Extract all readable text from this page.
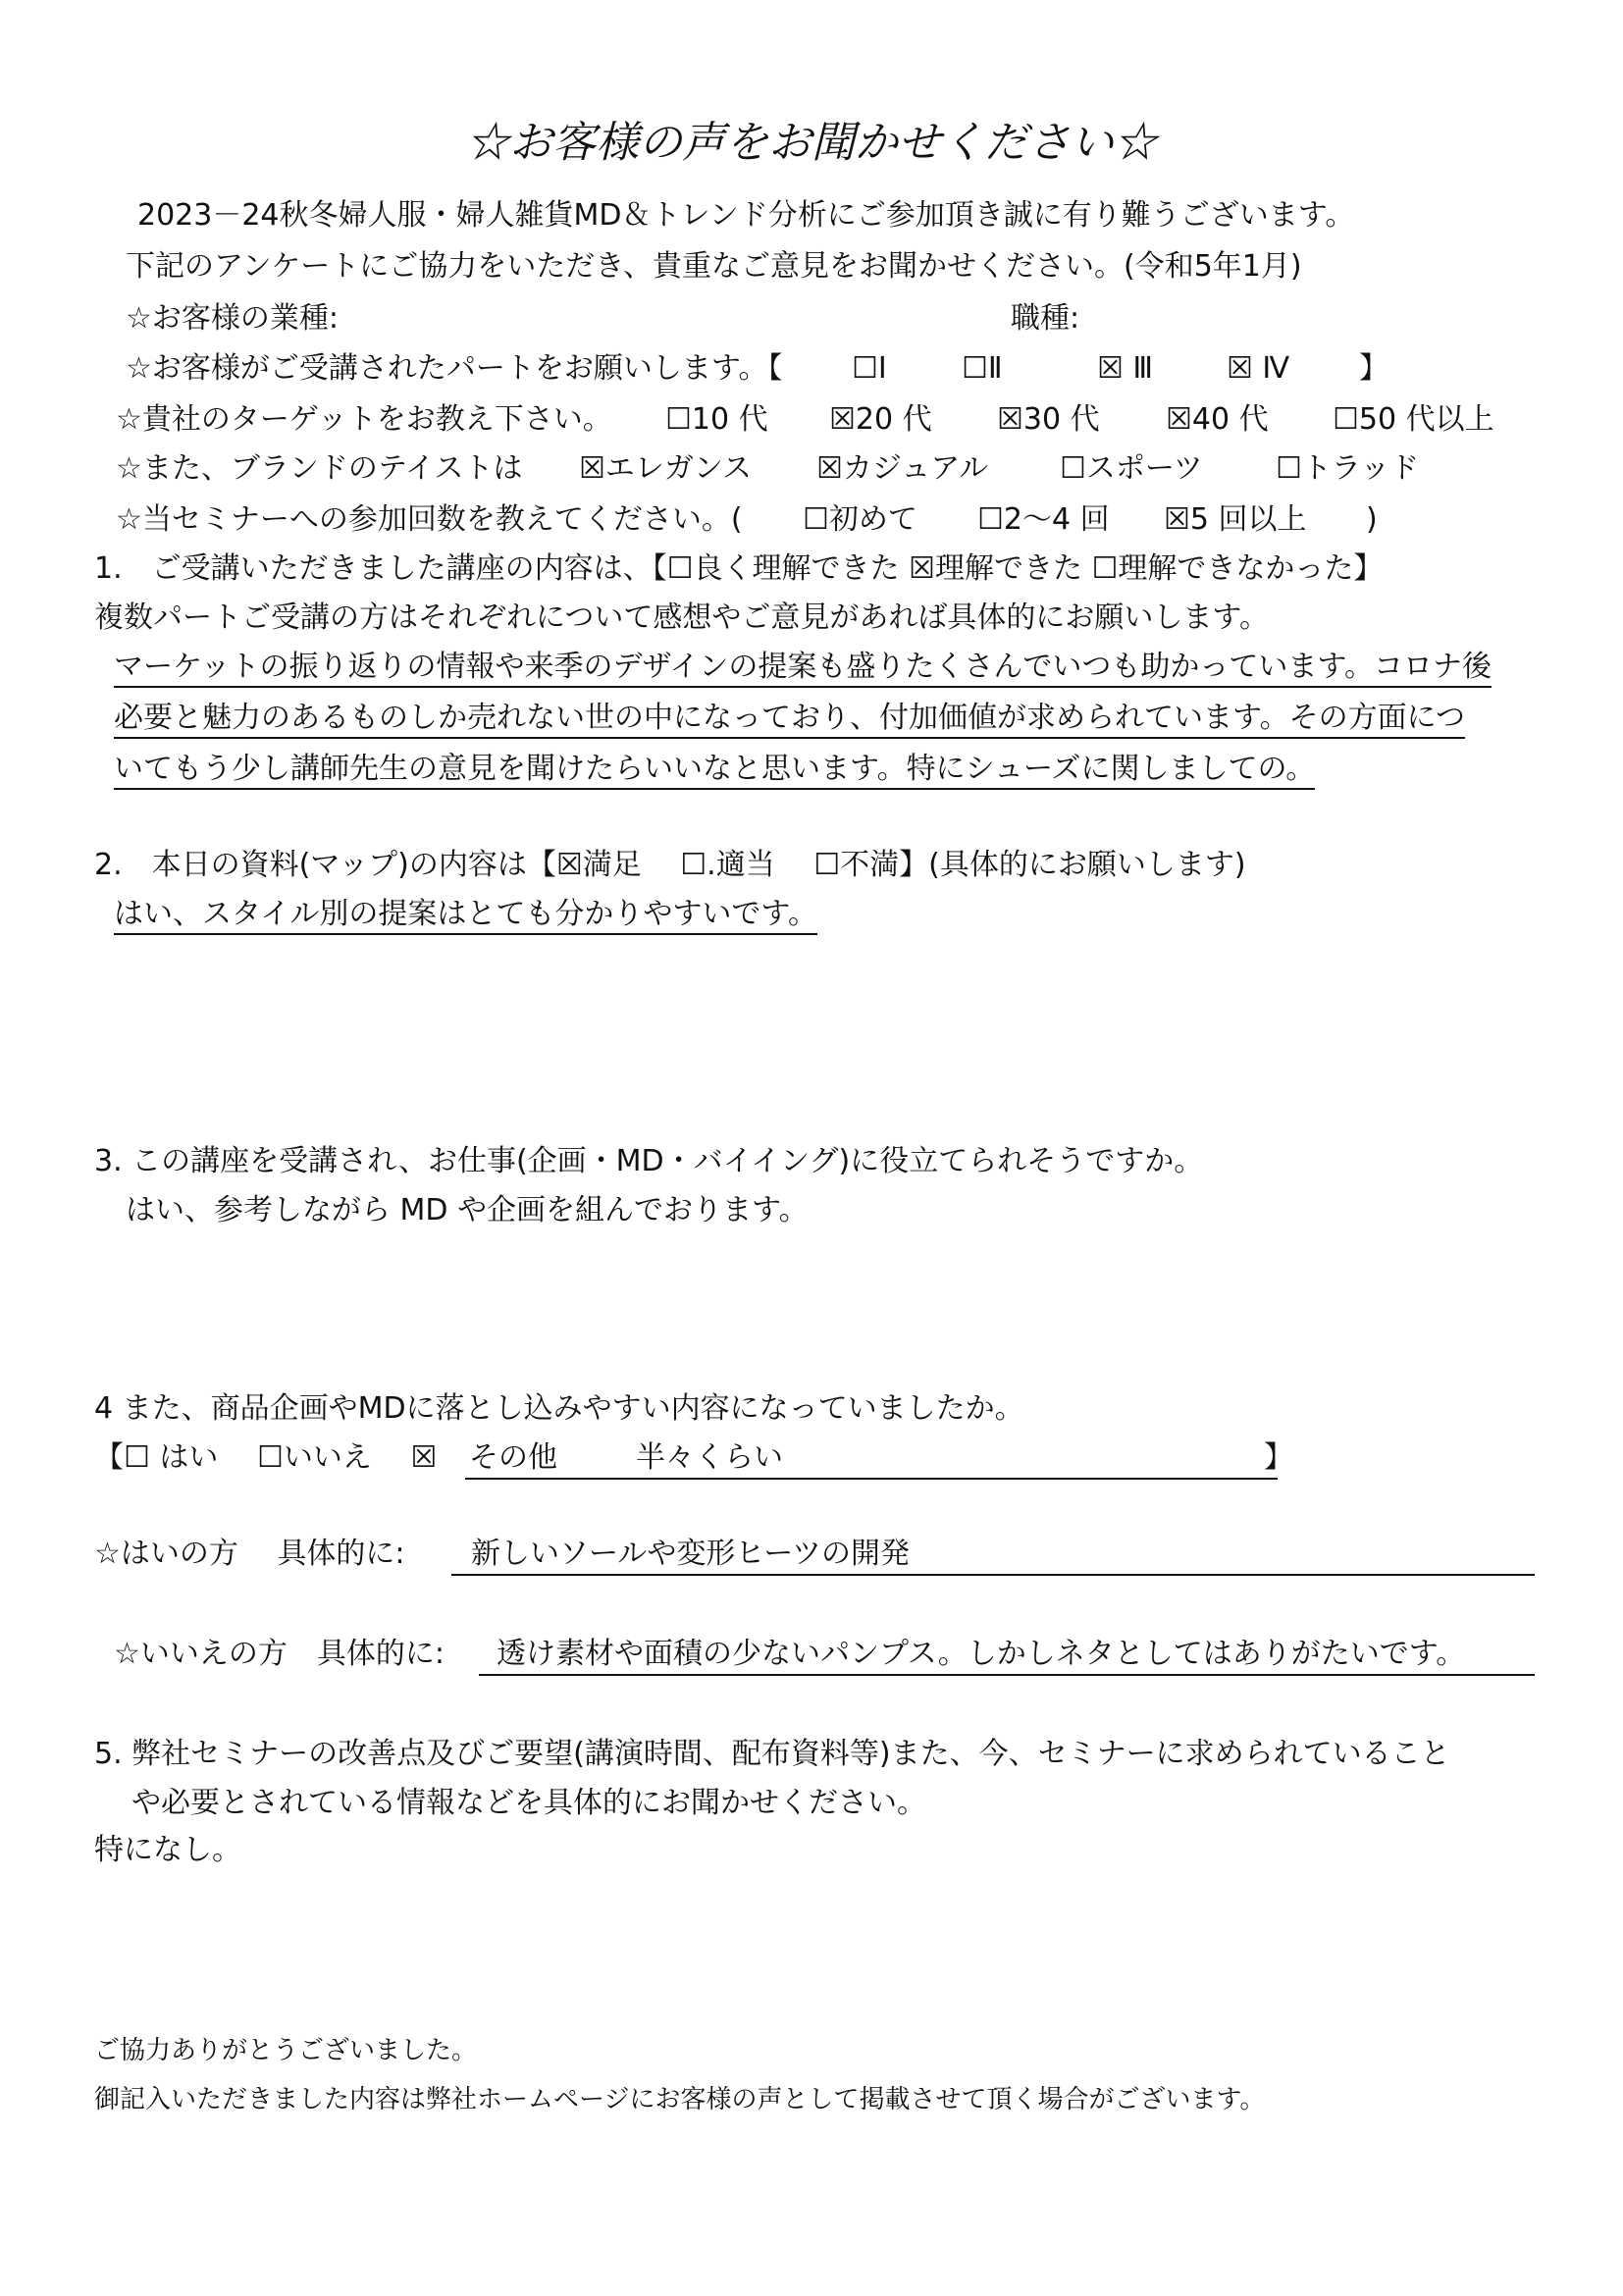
☆お客様の声をお聞かせください☆
2023－24秋冬婦人服・婦人雑貨MD＆トレンド分析にご参加頂き誠に有り難うございます。
下記のアンケートにご協力をいただき、貴重なご意見をお聞かせください。(令和5年1月)
☆お客様の業種:	職種:
☆お客様がご受講されたパートをお願いします。【 ☐Ⅰ	☐Ⅱ	☒ Ⅲ ☒ Ⅳ 】
☆貴社のターゲットをお教え下さい。 ☐10 代 ☒20 代 ☒30 代 ☒40 代 ☐50 代以上
☆また、ブランドのテイストは ☒エレガンス ☒カジュアル ☐スポーツ ☐トラッド
☆当セミナーへの参加回数を教えてください。( ☐初めて ☐2～4 回 ☒5 回以上 )
1.　ご受講いただきました講座の内容は、【☐良く理解できた ☒理解できた ☐理解できなかった】
複数パートご受講の方はそれぞれについて感想やご意見があれば具体的にお願いします。
マーケットの振り返りの情報や来季のデザインの提案も盛りたくさんでいつも助かっています。コロナ後
必要と魅力のあるものしか売れない世の中になっており、付加価値が求められています。その方面につ
いてもう少し講師先生の意見を聞けたらいいなと思います。特にシューズに関しましての。
2.　本日の資料(マップ)の内容は【☒満足　 ☐.適当　 ☐不満】(具体的にお願いします)
はい、スタイル別の提案はとても分かりやすいです。
3. この講座を受講され、お仕事(企画・MD・バイイング)に役立てられそうですか。
はい、参考しながら MD や企画を組んでおります。
4 また、商品企画やMDに落とし込みやすい内容になっていましたか。
【☐ はい　 ☐いいえ　 ☒ その他	半々くらい	】
☆はいの方　 具体的に: 新しいソールや変形ヒーツの開発
☆いいえの方　具体的に: 透け素材や面積の少ないパンプス。しかしネタとしてはありがたいです。
5. 弊社セミナーの改善点及びご要望(講演時間、配布資料等)また、今、セミナーに求められていること
や必要とされている情報などを具体的にお聞かせください。
特になし。
ご協力ありがとうございました。
御記入いただきました内容は弊社ホームページにお客様の声として掲載させて頂く場合がございます。
